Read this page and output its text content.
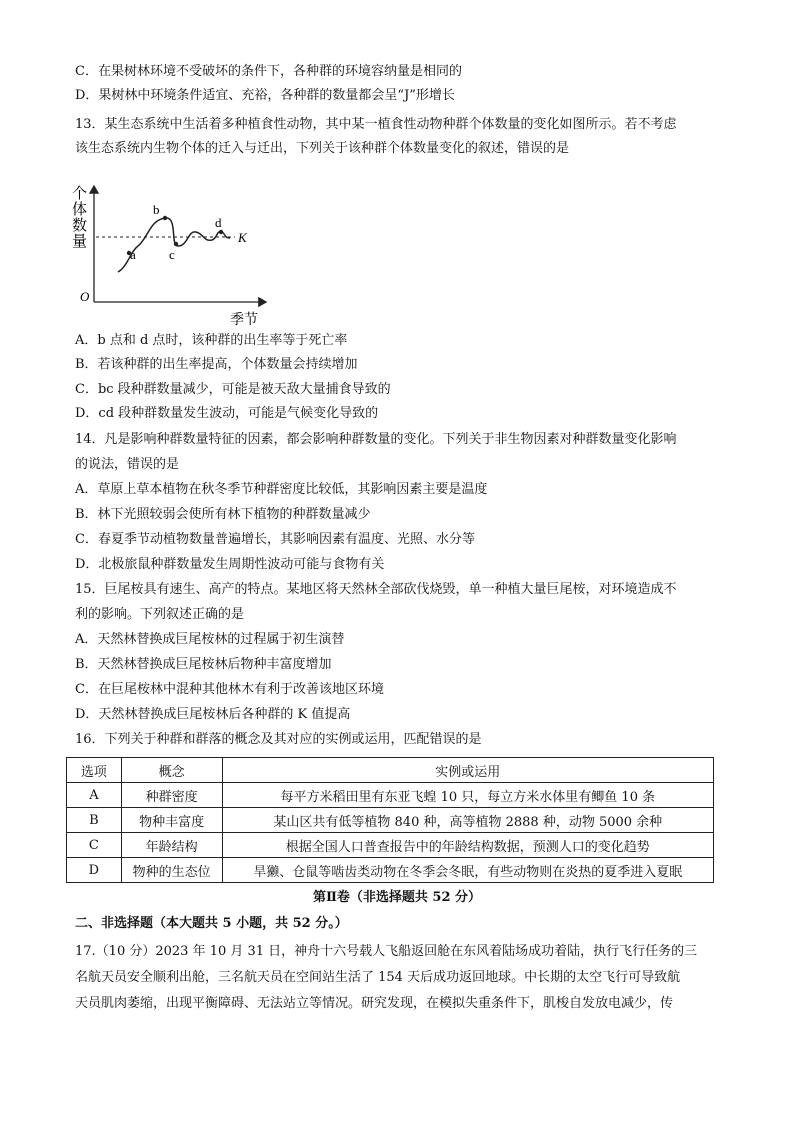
C．在果树林环境不受破坏的条件下，各种群的环境容纳量是相同的
D．果树林中环境条件适宜、充裕，各种群的数量都会呈“J”形增长
13．某生态系统中生活着多种植食性动物，其中某一植食性动物种群个体数量的变化如图所示。若不考虑
该生态系统内生物个体的迁入与迁出，下列关于该种群个体数量变化的叙述，错误的是
个
体
数
量
O
季节
K
a
b
c
d
A．b 点和 d 点时，该种群的出生率等于死亡率
B．若该种群的出生率提高，个体数量会持续增加
C．bc 段种群数量减少，可能是被天敌大量捕食导致的
D．cd 段种群数量发生波动，可能是气候变化导致的
14．凡是影响种群数量特征的因素，都会影响种群数量的变化。下列关于非生物因素对种群数量变化影响
的说法，错误的是
A．草原上草本植物在秋冬季节种群密度比较低，其影响因素主要是温度
B．林下光照较弱会使所有林下植物的种群数量减少
C．春夏季节动植物数量普遍增长，其影响因素有温度、光照、水分等
D．北极旅鼠种群数量发生周期性波动可能与食物有关
15．巨尾桉具有速生、高产的特点。某地区将天然林全部砍伐烧毁，单一种植大量巨尾桉，对环境造成不
利的影响。下列叙述正确的是
A．天然林替换成巨尾桉林的过程属于初生演替
B．天然林替换成巨尾桉林后物种丰富度增加
C．在巨尾桉林中混种其他林木有利于改善该地区环境
D．天然林替换成巨尾桉林后各种群的 K 值提高
16．下列关于种群和群落的概念及其对应的实例或运用，匹配错误的是
选项	概念	实例或运用
A	种群密度	每平方米稻田里有东亚飞蝗 10 只，每立方米水体里有鲫鱼 10 条
B	物种丰富度	某山区共有低等植物 840 种，高等植物 2888 种，动物 5000 余种
C	年龄结构	根据全国人口普查报告中的年龄结构数据，预测人口的变化趋势
D	物种的生态位	旱獭、仓鼠等啮齿类动物在冬季会冬眠，有些动物则在炎热的夏季进入夏眠
第Ⅱ卷（非选择题共 52 分）
二、非选择题（本大题共 5 小题，共 52 分。）
17.（10 分）2023 年 10 月 31 日，神舟十六号载人飞船返回舱在东风着陆场成功着陆，执行飞行任务的三
名航天员安全顺利出舱，三名航天员在空间站生活了 154 天后成功返回地球。中长期的太空飞行可导致航
天员肌肉萎缩，出现平衡障碍、无法站立等情况。研究发现，在模拟失重条件下，肌梭自发放电减少，传
